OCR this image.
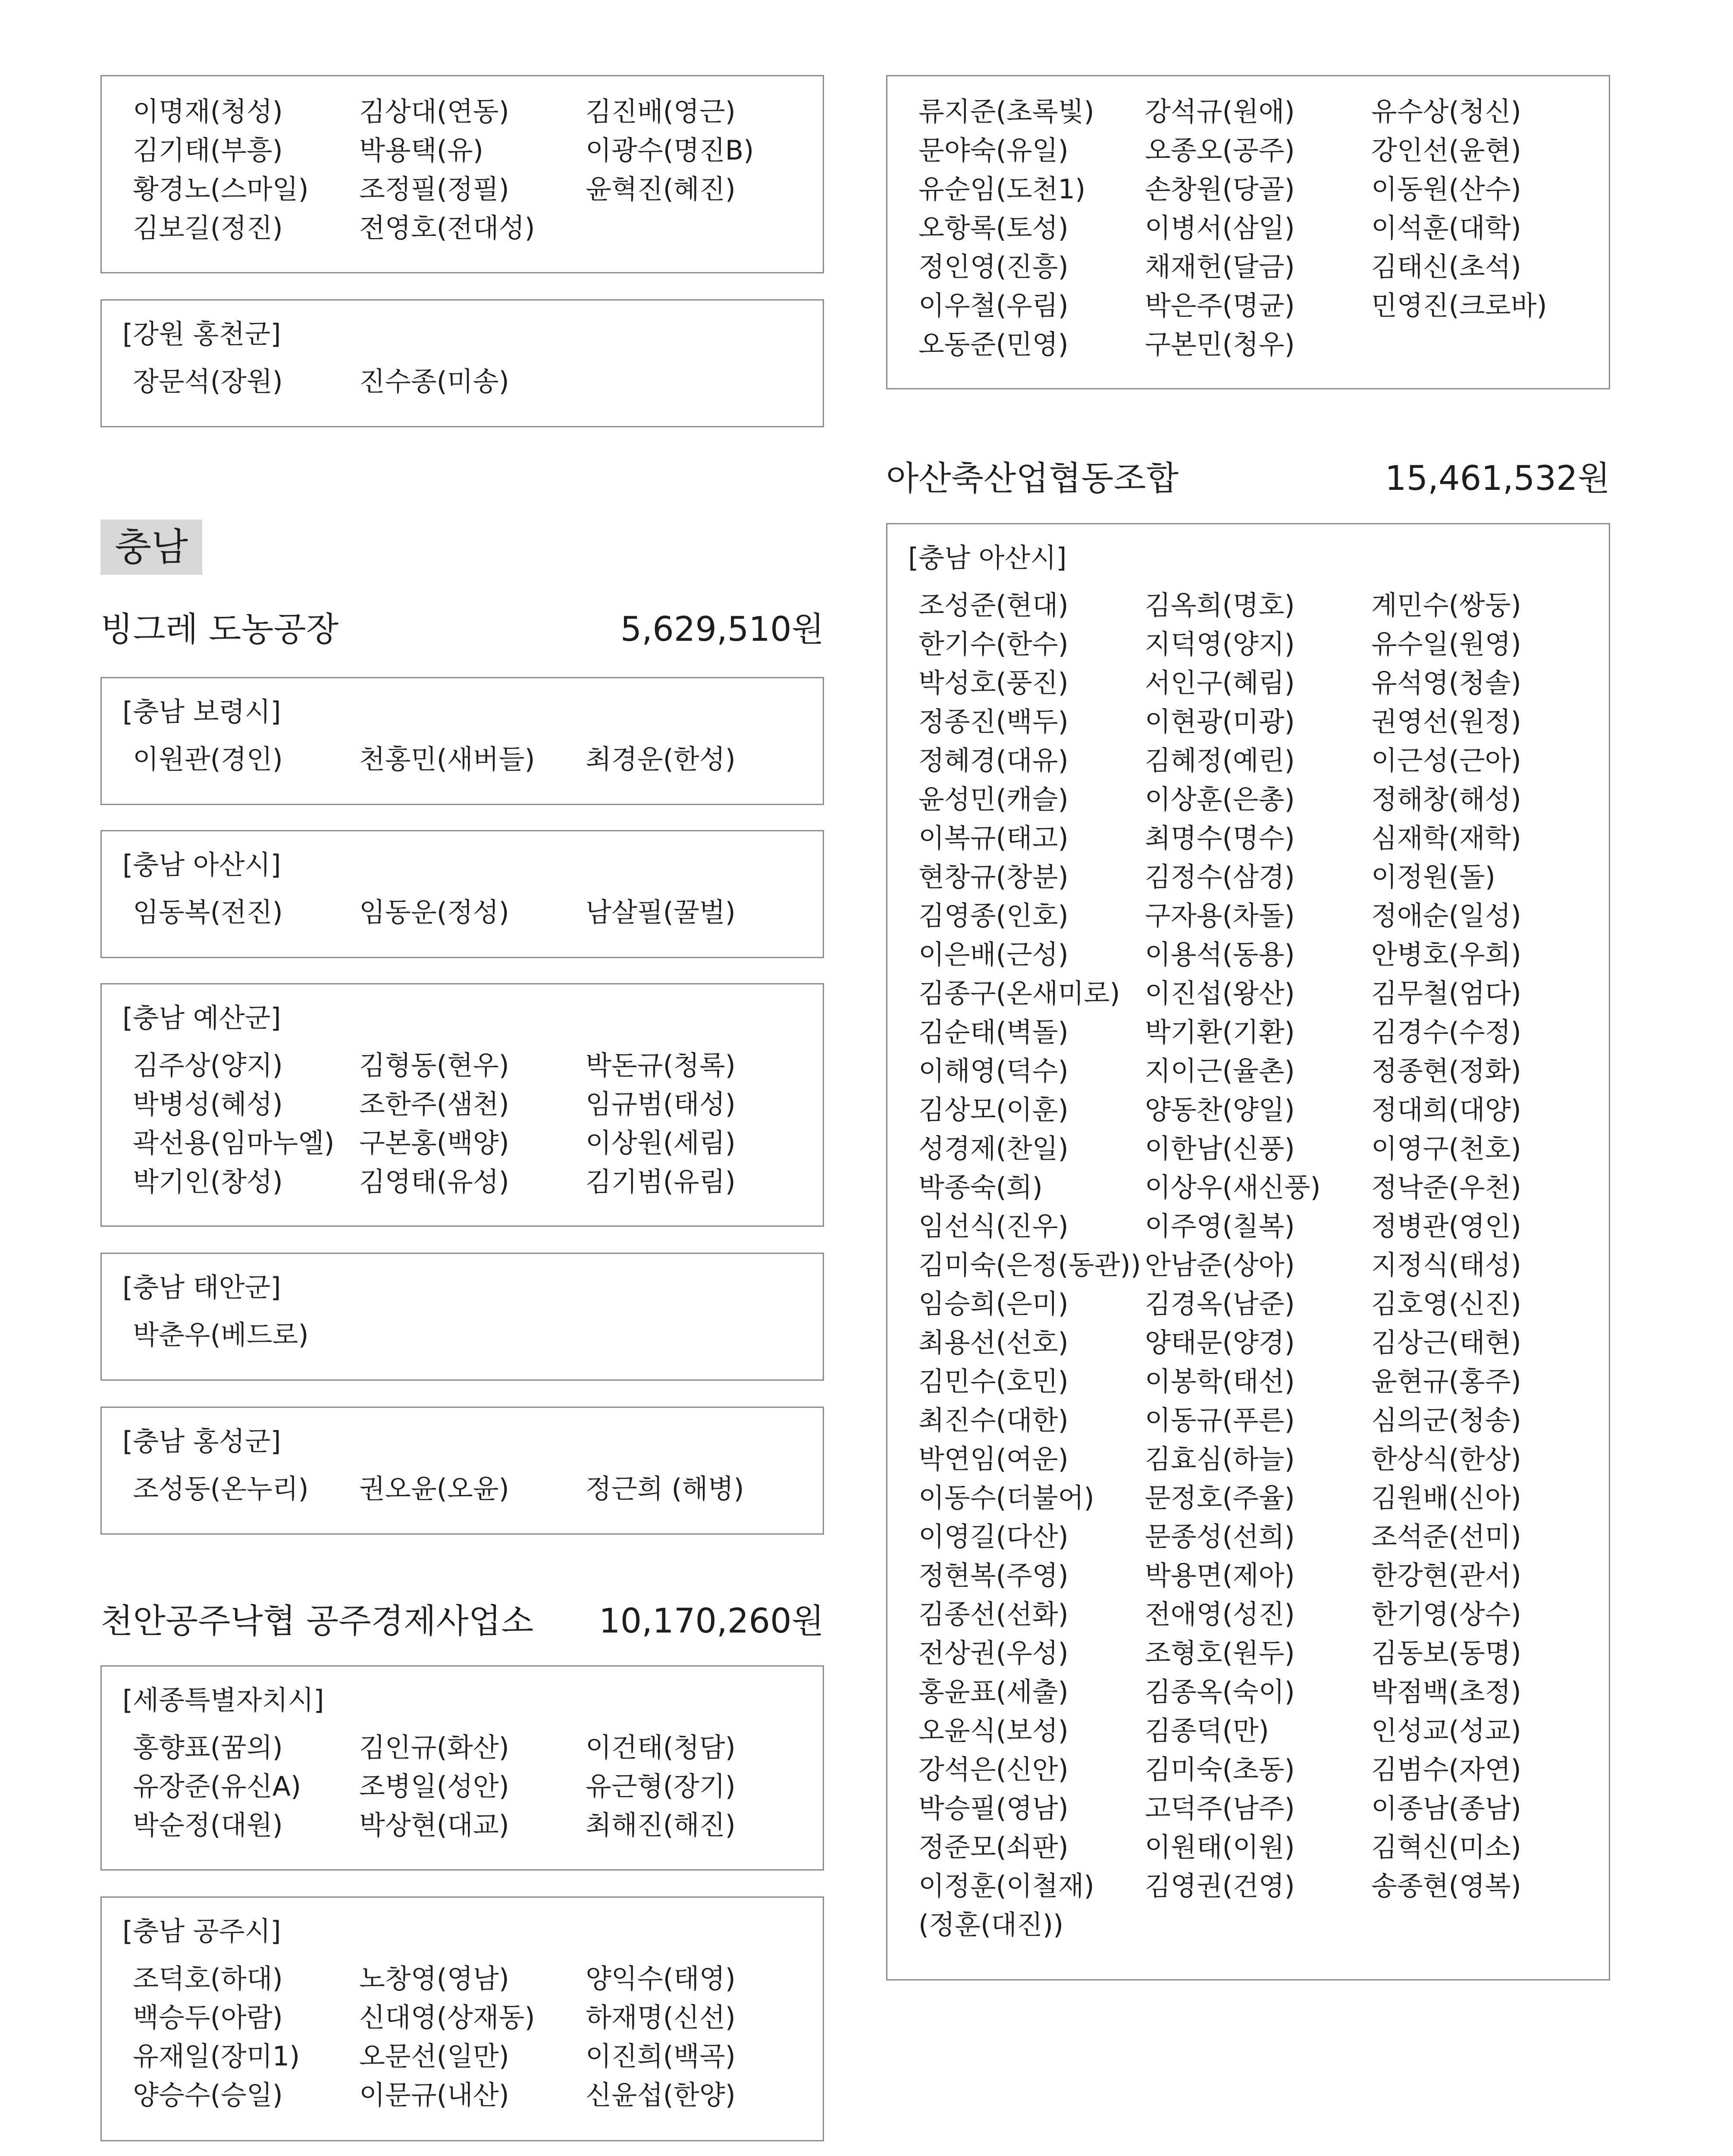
이명재(청성)	김상대(연동)	김진배(영근)
김기태(부흥)	박용택(유)	이광수(명진B)
황경노(스마일) 조정필(정필)	윤혁진(혜진)
김보길(정진)	전영호(전대성)
[강원 홍천군]
장문석(장원)	진수종(미송)
충남
빙그레 도농공장	5,629,510원
[충남 보령시]
이원관(경인)	천홍민(새버들) 최경운(한성)
[충남 아산시]
임동복(전진)	임동운(정성)	남살필(꿀벌)
[충남 예산군]
김주상(양지)	김형동(현우)	박돈규(청록)
박병성(혜성)	조한주(샘천)	임규범(태성)
곽선용(임마누엘) 구본홍(백양)	이상원(세림)
박기인(창성)	김영태(유성)	김기범(유림)
[충남 태안군]
박춘우(베드로)
[충남 홍성군]
조성동(온누리) 권오윤(오윤)	정근희 (해병)
천안공주낙협 공주경제사업소 10,170,260원
[세종특별자치시]
홍향표(꿈의)	김인규(화산)	이건태(청담)
유장준(유신A) 조병일(성안)	유근형(장기)
박순정(대원)	박상현(대교)	최해진(해진)
[충남 공주시]
조덕호(하대)	노창영(영남)	양익수(태영)
백승두(아람)	신대영(상재동) 하재명(신선)
유재일(장미1) 오문선(일만)	이진희(백곡)
양승수(승일)	이문규(내산)	신윤섭(한양)
류지준(초록빛) 강석규(원애)	유수상(청신)
문야숙(유일)	오종오(공주)	강인선(윤현)
유순임(도천1) 손창원(당골)	이동원(산수)
오항록(토성)	이병서(삼일)	이석훈(대학)
정인영(진흥)	채재헌(달금)	김태신(초석)
이우철(우림)	박은주(명균)	민영진(크로바)
오동준(민영)	구본민(청우)
아산축산업협동조합	15,461,532원
[충남 아산시]
조성준(현대)	김옥희(명호)	계민수(쌍둥)
한기수(한수)	지덕영(양지)	유수일(원영)
박성호(풍진)	서인구(혜림)	유석영(청솔)
정종진(백두)	이현광(미광)	권영선(원정)
정혜경(대유)	김혜정(예린)	이근성(근아)
윤성민(캐슬)	이상훈(은총)	정해창(해성)
이복규(태고)	최명수(명수)	심재학(재학)
현창규(창분)	김정수(삼경)	이정원(돌)
김영종(인호)	구자용(차돌)	정애순(일성)
이은배(근성)	이용석(동용)	안병호(우희)
김종구(온새미로) 이진섭(왕산)	김무철(엄다)
김순태(벽돌)	박기환(기환)	김경수(수정)
이해영(덕수)	지이근(율촌)	정종현(정화)
김상모(이훈)	양동찬(양일)	정대희(대양)
성경제(찬일)	이한남(신풍)	이영구(천호)
박종숙(희)	이상우(새신풍) 정낙준(우천)
임선식(진우)	이주영(칠복)	정병관(영인)
김미숙(은정(동관)) 안남준(상아)	지정식(태성)
임승희(은미)	김경옥(남준)	김호영(신진)
최용선(선호)	양태문(양경)	김상근(태현)
김민수(호민)	이봉학(태선)	윤현규(홍주)
최진수(대한)	이동규(푸른)	심의군(청송)
박연임(여운)	김효심(하늘)	한상식(한상)
이동수(더불어) 문정호(주율)	김원배(신아)
이영길(다산)	문종성(선희)	조석준(선미)
정현복(주영)	박용면(제아)	한강현(관서)
김종선(선화)	전애영(성진)	한기영(상수)
전상권(우성)	조형호(원두)	김동보(동명)
홍윤표(세출)	김종옥(숙이)	박점백(초정)
오윤식(보성)	김종덕(만)	인성교(성교)
강석은(신안)	김미숙(초동)	김범수(자연)
박승필(영남)	고덕주(남주)	이종남(종남)
정준모(쇠판)	이원태(이원)	김혁신(미소)
이정훈(이철재) 김영권(건영)	송종현(영복)
(정훈(대진))
